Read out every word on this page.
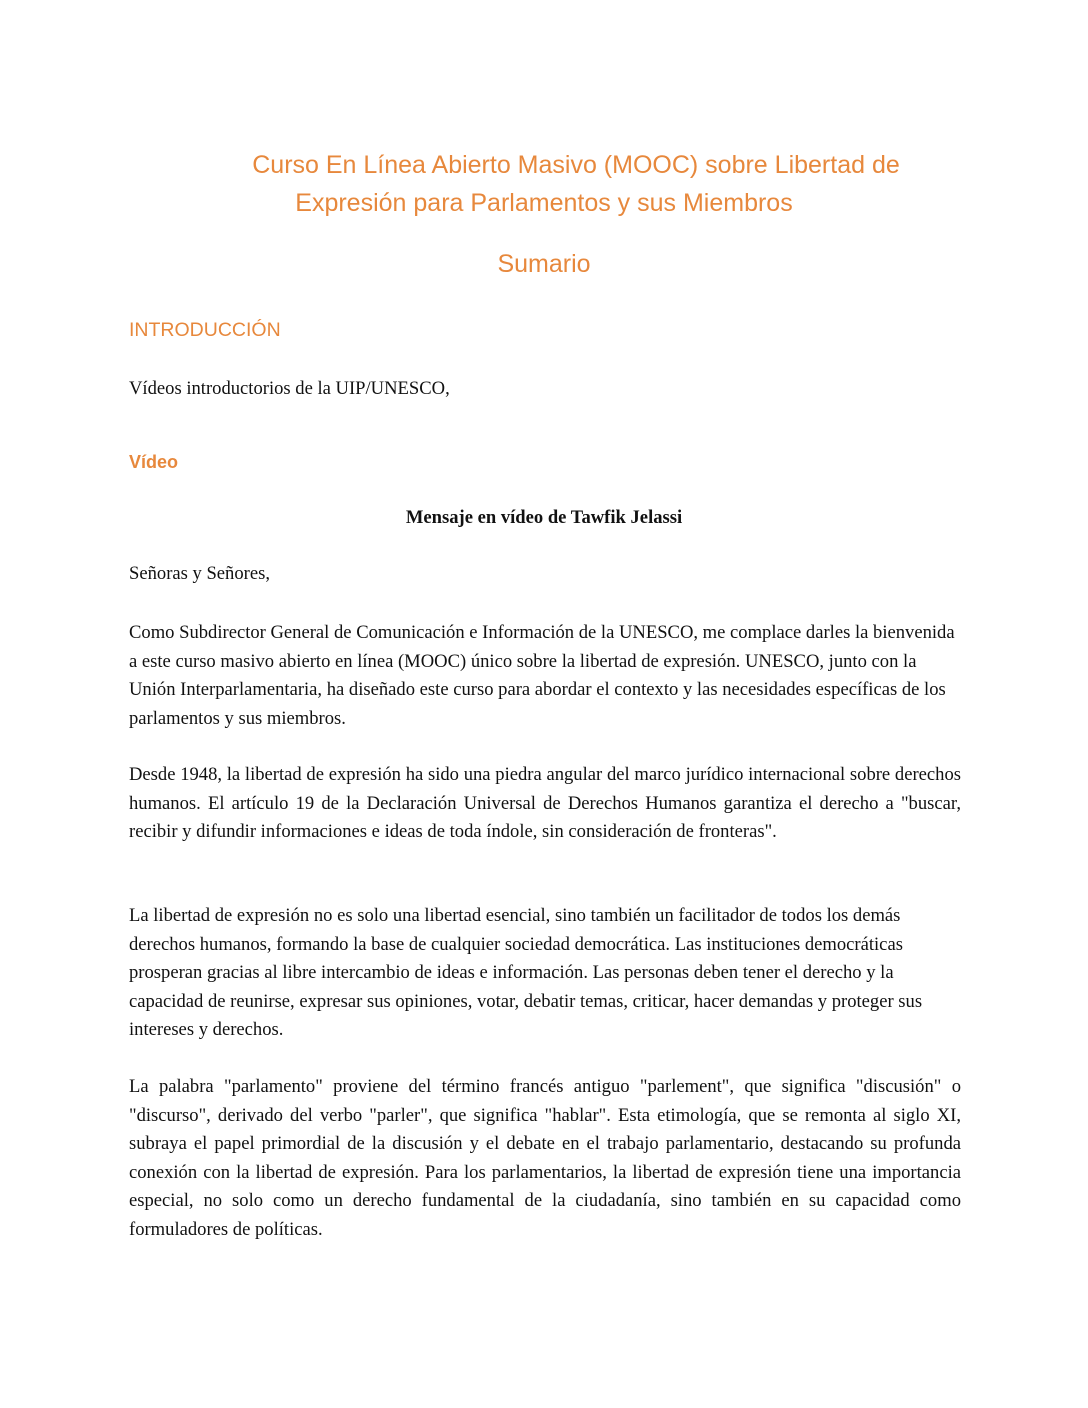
Curso En Línea Abierto Masivo (MOOC) sobre Libertad de
Expresión para Parlamentos y sus Miembros
Sumario
INTRODUCCIÓN
Vídeos introductorios de la UIP/UNESCO,
Vídeo
Mensaje en vídeo de Tawfik Jelassi
Señoras y Señores,

Como Subdirector General de Comunicación e Información de la UNESCO, me complace darles la bienvenida a este curso masivo abierto en línea (MOOC) único sobre la libertad de expresión. UNESCO, junto con la Unión Interparlamentaria, ha diseñado este curso para abordar el contexto y las necesidades específicas de los parlamentos y sus miembros.

Desde 1948, la libertad de expresión ha sido una piedra angular del marco jurídico internacional sobre derechos humanos. El artículo 19 de la Declaración Universal de Derechos Humanos garantiza el derecho a "buscar, recibir y difundir informaciones e ideas de toda índole, sin consideración de fronteras".

La libertad de expresión no es solo una libertad esencial, sino también un facilitador de todos los demás derechos humanos, formando la base de cualquier sociedad democrática. Las instituciones democráticas prosperan gracias al libre intercambio de ideas e información. Las personas deben tener el derecho y la capacidad de reunirse, expresar sus opiniones, votar, debatir temas, criticar, hacer demandas y proteger sus intereses y derechos.

La palabra "parlamento" proviene del término francés antiguo "parlement", que significa "discusión" o "discurso", derivado del verbo "parler", que significa "hablar". Esta etimología, que se remonta al siglo XI, subraya el papel primordial de la discusión y el debate en el trabajo parlamentario, destacando su profunda conexión con la libertad de expresión. Para los parlamentarios, la libertad de expresión tiene una importancia especial, no solo como un derecho fundamental de la ciudadanía, sino también en su capacidad como formuladores de políticas.
